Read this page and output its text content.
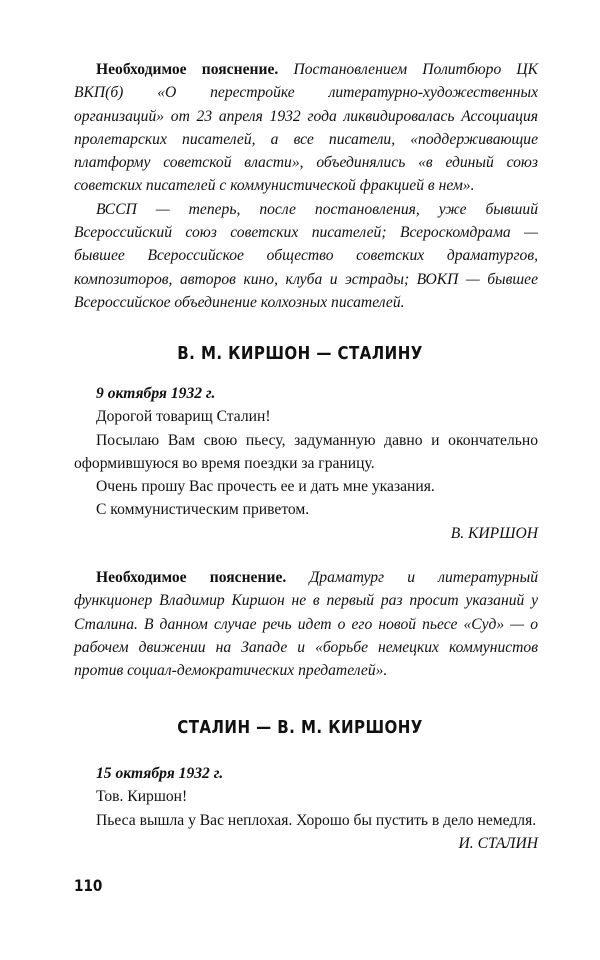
Необходимое пояснение. Постановлением Политбюро ЦК ВКП(б) «О перестройке литературно-художественных организаций» от 23 апреля 1932 года ликвидировалась Ассоциация пролетарских писателей, а все писатели, «поддерживающие платформу советской власти», объединялись «в единый союз советских писателей с коммунистической фракцией в нем».

ВССП — теперь, после постановления, уже бывший Всероссийский союз советских писателей; Всероскомдрама — бывшее Всероссийское общество советских драматургов, композиторов, авторов кино, клуба и эстрады; ВОКП — бывшее Всероссийское объединение колхозных писателей.

В. М. КИРШОН — СТАЛИНУ

9 октября 1932 г.

Дорогой товарищ Сталин!

Посылаю Вам свою пьесу, задуманную давно и окончательно оформившуюся во время поездки за границу.

Очень прошу Вас прочесть ее и дать мне указания.

С коммунистическим приветом.

В. КИРШОН

Необходимое пояснение. Драматург и литературный функционер Владимир Киршон не в первый раз просит указаний у Сталина. В данном случае речь идет о его новой пьесе «Суд» — о рабочем движении на Западе и «борьбе немецких коммунистов против социал-демократических предателей».

СТАЛИН — В. М. КИРШОНУ

15 октября 1932 г.

Тов. Киршон!

Пьеса вышла у Вас неплохая. Хорошо бы пустить в дело немедля.

И. СТАЛИН

110
